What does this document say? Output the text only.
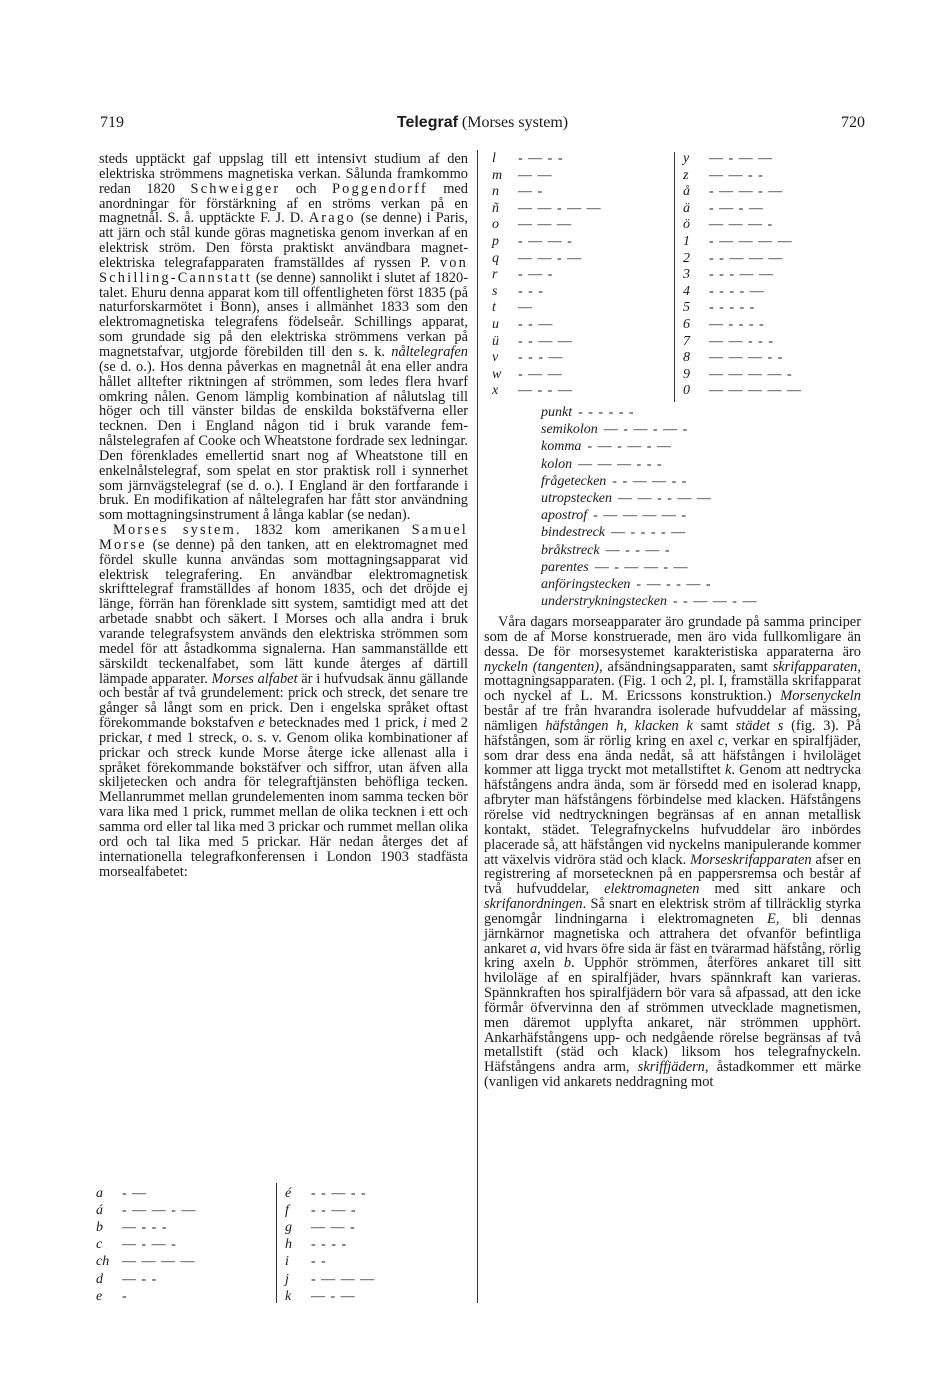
719	Telegraf (Morses system)	720

steds upptäckt gaf uppslag till ett intensivt studium af den elektriska strömmens magnetiska verkan. Sålunda framkommo redan 1820 Schweigger och Poggendorff med anordningar för förstärkning af en ströms verkan på en magnetnål. S. å. upptäckte F. J. D. Arago (se denne) i Paris, att järn och stål kunde göras magnetiska genom inverkan af en elektrisk ström. Den första praktiskt användbara magnet-elektriska telegrafapparaten framställdes af ryssen P. von Schilling-Cannstatt (se denne) sannolikt i slutet af 1820-talet. Ehuru denna apparat kom till offentligheten först 1835 (på naturforskarmötet i Bonn), anses i allmänhet 1833 som den elektromagnetiska telegrafens födelseår. Schillings apparat, som grundade sig på den elektriska strömmens verkan på magnetstafvar, utgjorde förebilden till den s. k. nåltelegrafen (se d. o.). Hos denna påverkas en magnetnål åt ena eller andra hållet alltefter riktningen af strömmen, som ledes flera hvarf omkring nålen. Genom lämplig kombination af nålutslag till höger och till vänster bildas de enskilda bokstäfverna eller tecknen. Den i England någon tid i bruk varande fem-nålstelegrafen af Cooke och Wheatstone fordrade sex ledningar. Den förenklades emellertid snart nog af Wheatstone till en enkelnålstelegraf, som spelat en stor praktisk roll i synnerhet som järnvägstelegraf (se d. o.). I England är den fortfarande i bruk. En modifikation af nåltelegrafen har fått stor användning som mottagningsinstrument å långa kablar (se nedan).

Morses system. 1832 kom amerikanen Samuel Morse (se denne) på den tanken, att en elektromagnet med fördel skulle kunna användas som mottagningsapparat vid elektrisk telegrafering. En användbar elektromagnetisk skrifttelegraf framställdes af honom 1835, och det dröjde ej länge, förrän han förenklade sitt system, samtidigt med att det arbetade snabbt och säkert. I Morses och alla andra i bruk varande telegrafsystem används den elektriska strömmen som medel för att åstadkomma signalerna. Han sammanställde ett särskildt teckenalfabet, som lätt kunde återges af därtill lämpade apparater. Morses alfabet är i hufvudsak ännu gällande och består af två grundelement: prick och streck, det senare tre gånger så långt som en prick. Den i engelska språket oftast förekommande bokstafven e betecknades med 1 prick, i med 2 prickar, t med 1 streck, o. s. v. Genom olika kombinationer af prickar och streck kunde Morse återge icke allenast alla i språket förekommande bokstäfver och siffror, utan äfven alla skiljetecken och andra för telegraftjänsten behöfliga tecken. Mellanrummet mellan grundelementen inom samma tecken bör vara lika med 1 prick, rummet mellan de olika tecknen i ett och samma ord eller tal lika med 3 prickar och rummet mellan olika ord och tal lika med 5 prickar. Här nedan återges det af internationella telegrafkonferensen i London 1903 stadfästa morsealfabetet:

a - —
á - — — - —
b — - - -
c — - — -
ch — — — —
d — - -
e -
é - - — - -
f - - — -
g — — -
h - - - -
i - -
j - — — —
k — - —
l - — - -
m — —
n — -
ñ — — - — —
o — — —
p - — — -
q — — - —
r - — -
s - - -
t —
u - - —
ü - - — —
v - - - —
w - — —
x — - - —
y — - — —
z — — - -
å - — — - —
ä - — - —
ö — — — -
1 - — — — —
2 - - — — —
3 - - - — —
4 - - - - —
5 - - - - -
6 — - - - -
7 — — - - -
8 — — — - -
9 — — — — -
0 — — — — —
punkt - - - - - -
semikolon — - — - — -
komma - — - — - —
kolon — — — - - -
frågetecken - - — — - -
utropstecken — — - - — —
apostrof - — — — — -
bindestreck — - - - - —
bråkstreck — - - — -
parentes — - — — - —
anföringstecken - — - - — -
understrykningstecken - - — — - —

Våra dagars morseapparater äro grundade på samma principer som de af Morse konstruerade, men äro vida fullkomligare än dessa. De för morsesystemet karakteristiska apparaterna äro nyckeln (tangenten), afsändningsapparaten, samt skrifapparaten, mottagningsapparaten. (Fig. 1 och 2, pl. I, framställa skrifapparat och nyckel af L. M. Ericssons konstruktion.) Morsenyckeln består af tre från hvarandra isolerade hufvuddelar af mässing, nämligen häfstången h, klacken k samt städet s (fig. 3). På häfstången, som är rörlig kring en axel c, verkar en spiralfjäder, som drar dess ena ända nedåt, så att häfstången i hviloläget kommer att ligga tryckt mot metallstiftet k. Genom att nedtrycka häfstångens andra ända, som är försedd med en isolerad knapp, afbryter man häfstångens förbindelse med klacken. Häfstångens rörelse vid nedtryckningen begränsas af en annan metallisk kontakt, städet. Telegrafnyckelns hufvuddelar äro inbördes placerade så, att häfstången vid nyckelns manipulerande kommer att växelvis vidröra städ och klack. Morseskrifapparaten afser en registrering af morsetecknen på en pappersremsa och består af två hufvuddelar, elektromagneten med sitt ankare och skrifanordningen. Så snart en elektrisk ström af tillräcklig styrka genomgår lindningarna i elektromagneten E, bli dennas järnkärnor magnetiska och attrahera det ofvanför befintliga ankaret a, vid hvars öfre sida är fäst en tvärarmad häfstång, rörlig kring axeln b. Upphör strömmen, återföres ankaret till sitt hviloläge af en spiralfjäder, hvars spännkraft kan varieras. Spännkraften hos spiralfjädern bör vara så afpassad, att den icke förmår öfvervinna den af strömmen utvecklade magnetismen, men däremot upplyfta ankaret, när strömmen upphört. Ankarhäfstångens upp- och nedgående rörelse begränsas af två metallstift (städ och klack) liksom hos telegrafnyckeln. Häfstångens andra arm, skriffjädern, åstadkommer ett märke (vanligen vid ankarets neddragning mot
